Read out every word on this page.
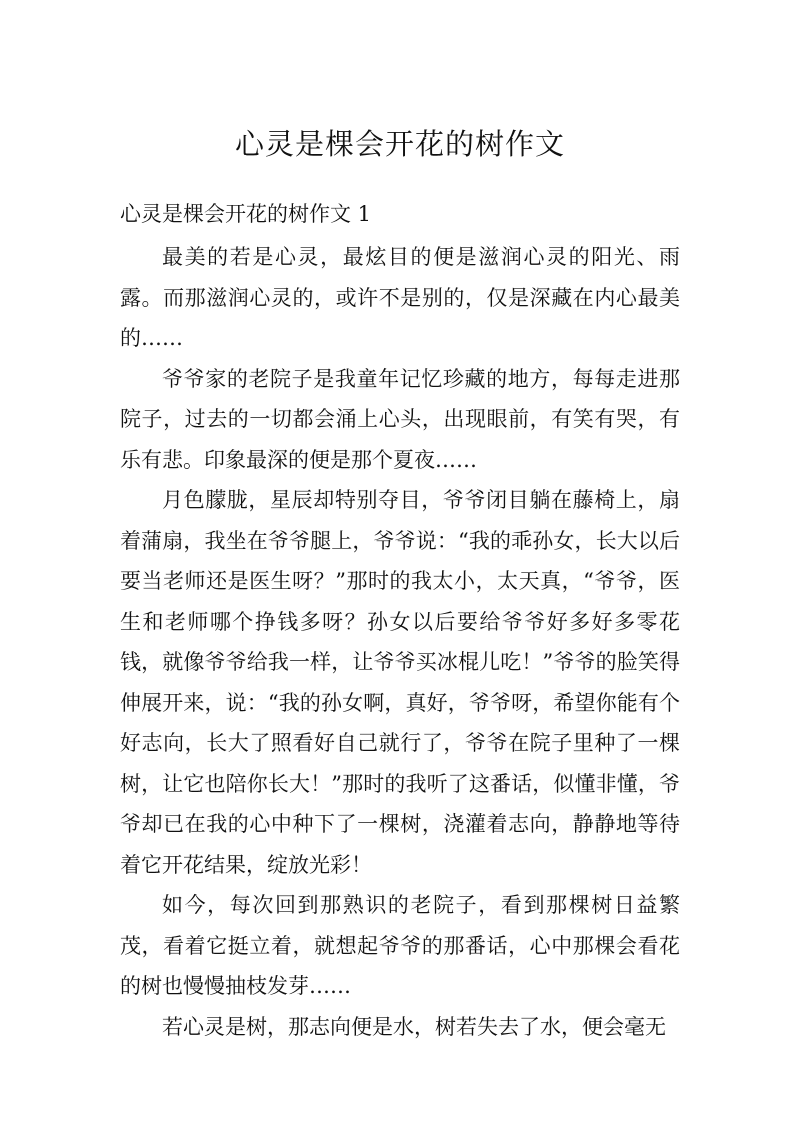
心灵是棵会开花的树作文
心灵是棵会开花的树作文 1

最美的若是心灵，最炫目的便是滋润心灵的阳光、雨露。而那滋润心灵的，或许不是别的，仅是深藏在内心最美的……

爷爷家的老院子是我童年记忆珍藏的地方，每每走进那院子，过去的一切都会涌上心头，出现眼前，有笑有哭，有乐有悲。印象最深的便是那个夏夜……

月色朦胧，星辰却特别夺目，爷爷闭目躺在藤椅上，扇着蒲扇，我坐在爷爷腿上，爷爷说：“我的乖孙女，长大以后要当老师还是医生呀？”那时的我太小，太天真，“爷爷，医生和老师哪个挣钱多呀？孙女以后要给爷爷好多好多零花钱，就像爷爷给我一样，让爷爷买冰棍儿吃！”爷爷的脸笑得伸展开来，说：“我的孙女啊，真好，爷爷呀，希望你能有个好志向，长大了照看好自己就行了，爷爷在院子里种了一棵树，让它也陪你长大！”那时的我听了这番话，似懂非懂，爷爷却已在我的心中种下了一棵树，浇灌着志向，静静地等待着它开花结果，绽放光彩！

如今，每次回到那熟识的老院子，看到那棵树日益繁茂，看着它挺立着，就想起爷爷的那番话，心中那棵会看花的树也慢慢抽枝发芽……

若心灵是树，那志向便是水，树若失去了水，便会毫无
